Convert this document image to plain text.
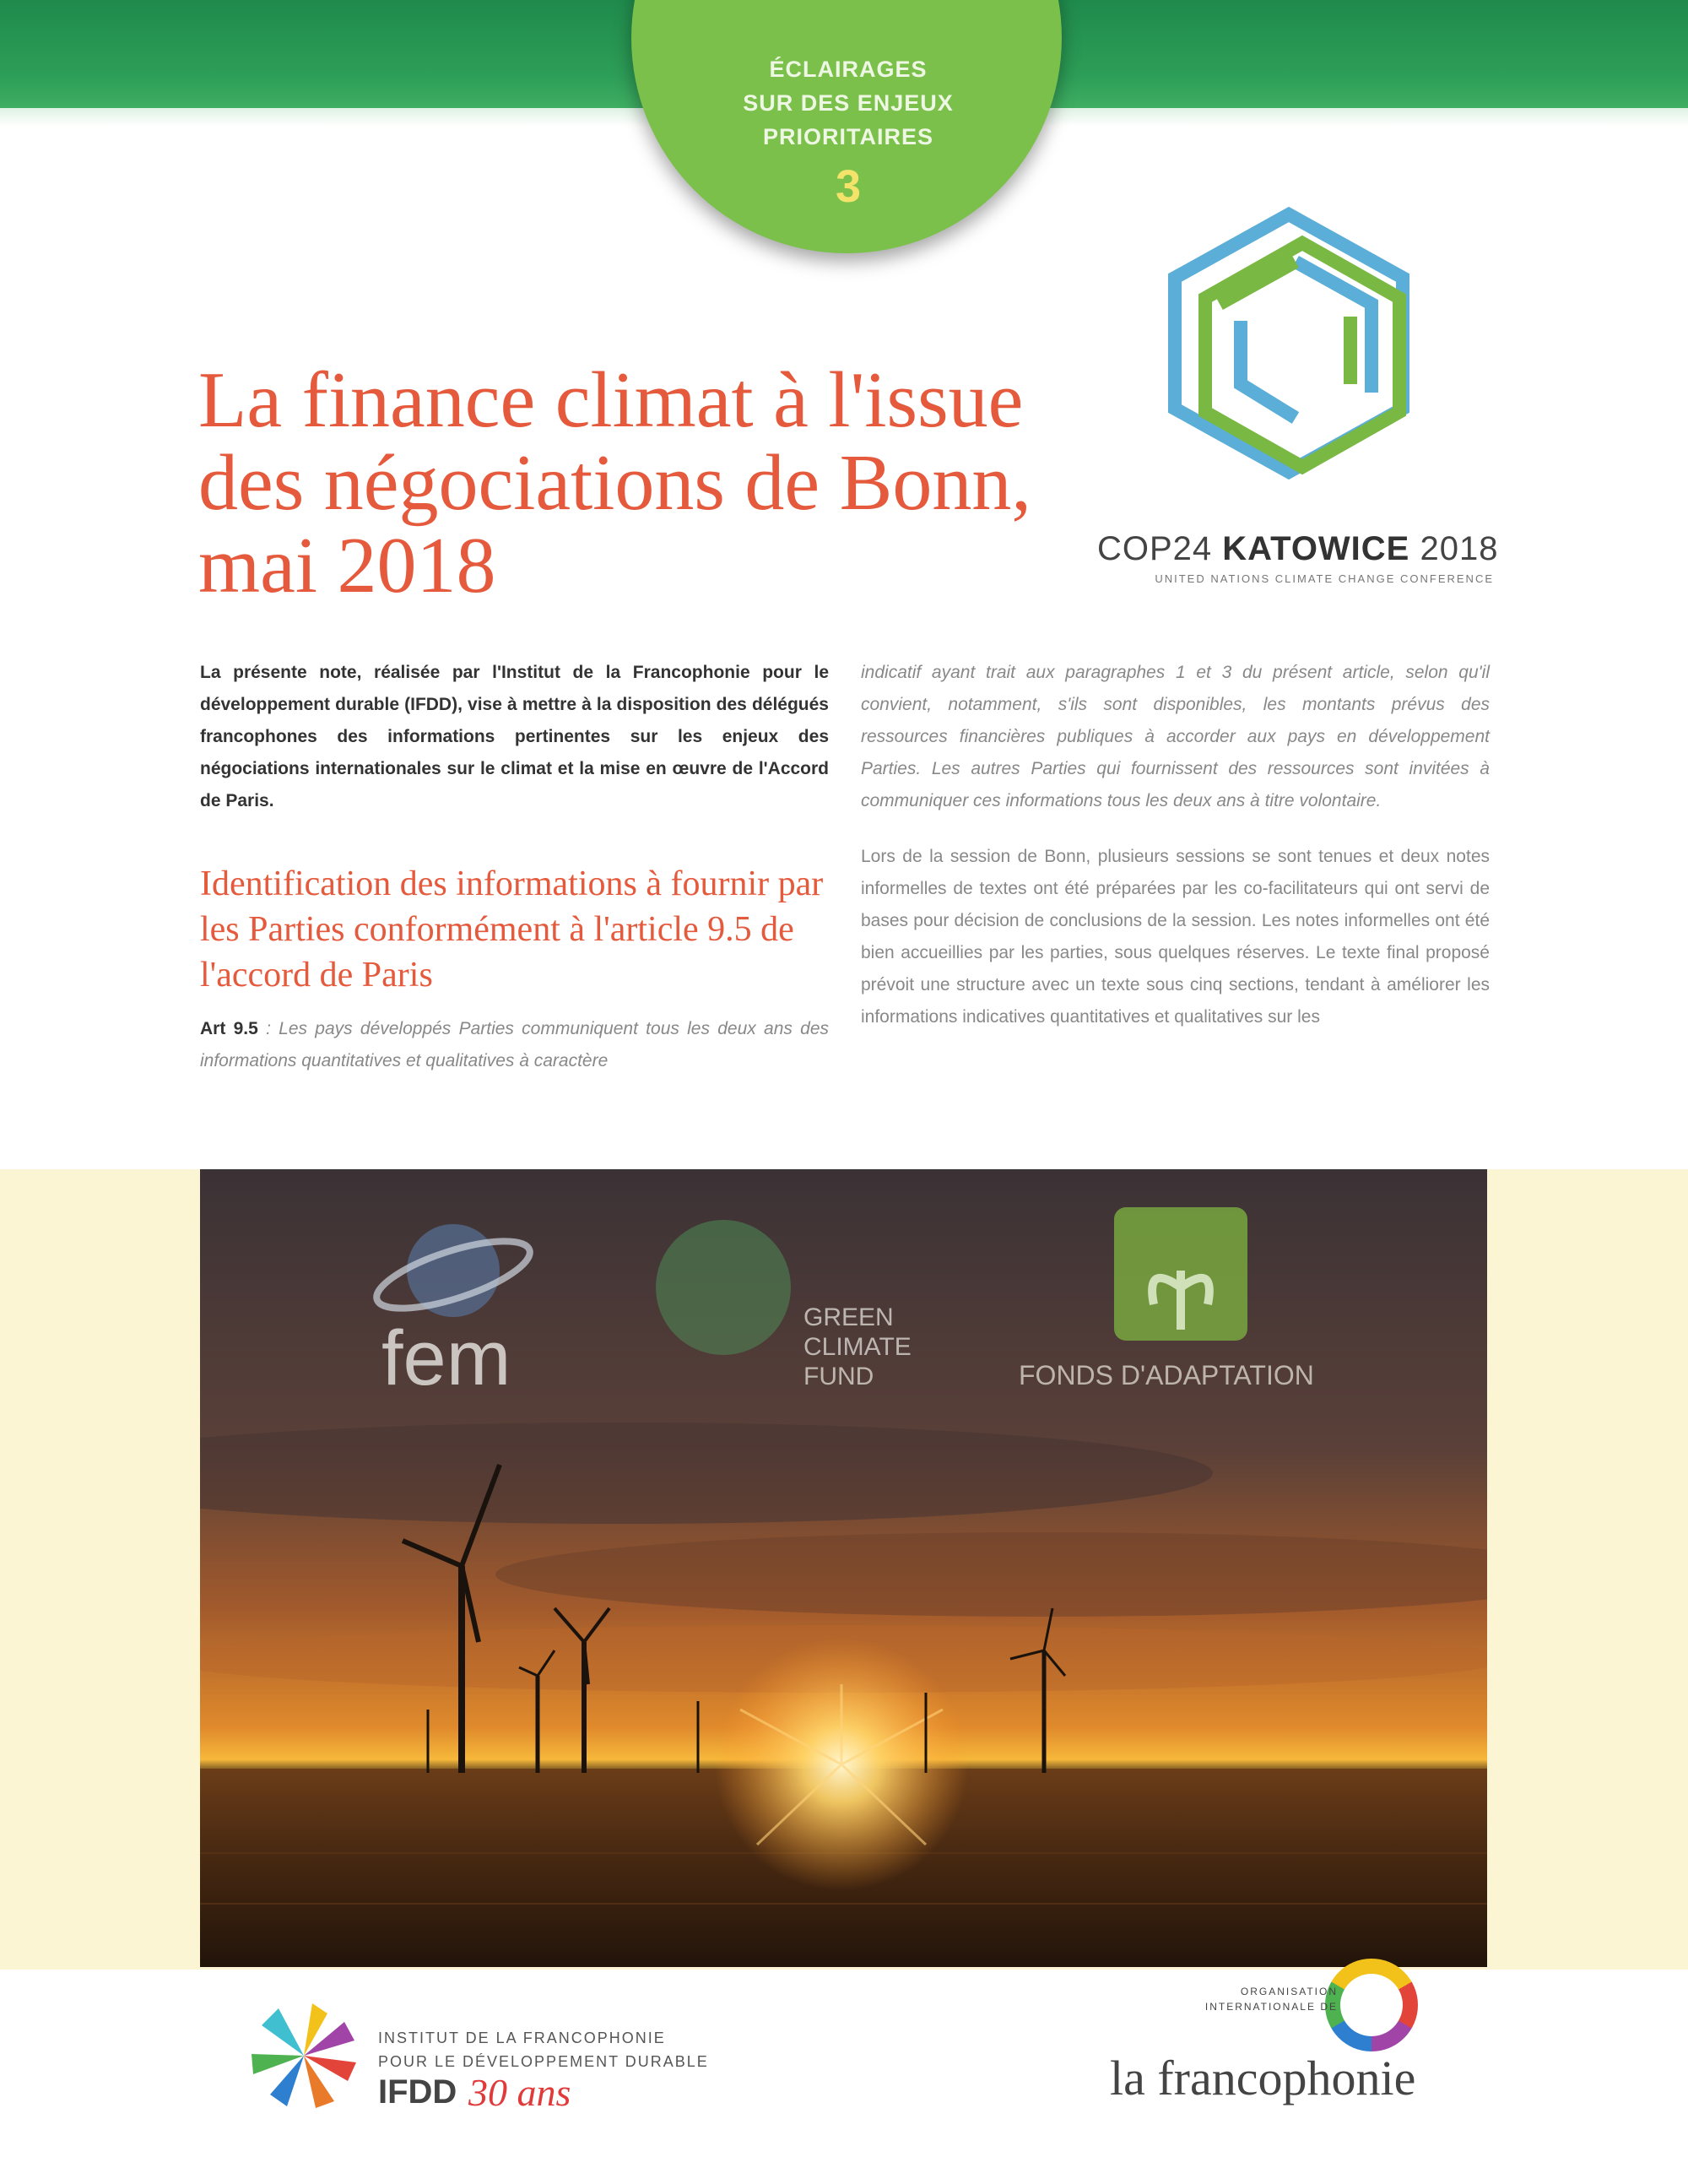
ÉCLAIRAGES
SUR DES ENJEUX
PRIORITAIRES
3
COP24 KATOWICE 2018
UNITED NATIONS CLIMATE CHANGE CONFERENCE
La finance climat à l'issue des négociations de Bonn, mai 2018

La présente note, réalisée par l'Institut de la Francophonie pour le développement durable (IFDD), vise à mettre à la disposition des délégués francophones des informations pertinentes sur les enjeux des négociations internationales sur le climat et la mise en œuvre de l'Accord de Paris.

Identification des informations à fournir par les Parties conformément à l'article 9.5 de l'accord de Paris

Art 9.5 : Les pays développés Parties communiquent tous les deux ans des informations quantitatives et qualitatives à caractère

indicatif ayant trait aux paragraphes 1 et 3 du présent article, selon qu'il convient, notamment, s'ils sont disponibles, les montants prévus des ressources financières publiques à accorder aux pays en développement Parties. Les autres Parties qui fournissent des ressources sont invitées à communiquer ces informations tous les deux ans à titre volontaire.

Lors de la session de Bonn, plusieurs sessions se sont tenues et deux notes informelles de textes ont été préparées par les co-facilitateurs qui ont servi de bases pour décision de conclusions de la session. Les notes informelles ont été bien accueillies par les parties, sous quelques réserves. Le texte final proposé prévoit une structure avec un texte sous cinq sections, tendant à améliorer les informations indicatives quantitatives et qualitatives sur les

fem	GREEN
CLIMATE
FUND	FONDS D'ADAPTATION
INSTITUT DE LA FRANCOPHONIE
POUR LE DÉVELOPPEMENT DURABLE
IFDD 30 ans
ORGANISATION
INTERNATIONALE DE
la francophonie
